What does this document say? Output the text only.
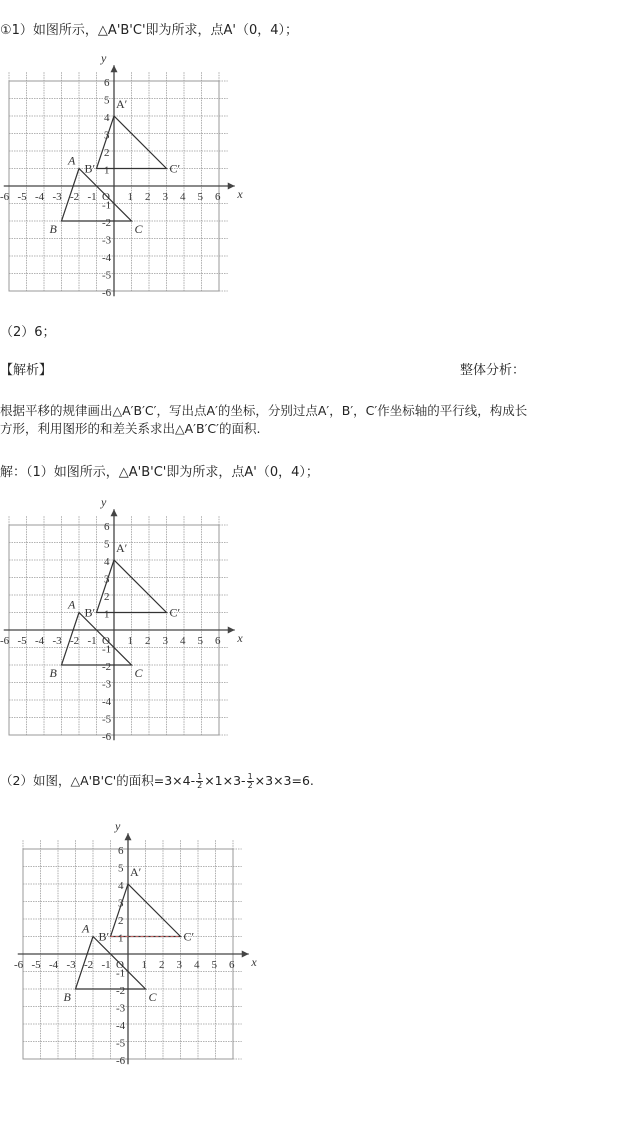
①1）如图所示，△A'B'C'即为所求，点A'（0，4）；
x
y
-6 -5 -4 -3 -2 -1 O 1 2 3 4 5 6
6
5
4
3
2
1
-1
-2
-3
-4
-5
-6
A
B	C
A′
B′	C′
（2）6；
【解析】	整体分析：
根据平移的规律画出△A′B′C′，写出点A′的坐标，分别过点A′，B′，C′作坐标轴的平行线，构成长
方形，利用图形的和差关系求出△A′B′C′的面积.
解：（1）如图所示，△A'B'C'即为所求，点A'（0，4）；
x
y
-6 -5 -4 -3 -2 -1 O 1 2 3 4 5 6
6
5
4
3
2
1
-1
-2
-3
-4
-5
-6
A
B	C
A′
B′	C′
（2）如图，△A'B'C'的面积$=3\times 4- \frac{1}{2} \times 1\times 3- \frac{1}{2} \times 3\times 3=6$.
x
y
-6 -5 -4 -3 -2 -1 O 1 2 3 4 5 6
6
5
4
3
2
1
-1
-2
-3
-4
-5
-6
A
B	C
A′
B′	C′
